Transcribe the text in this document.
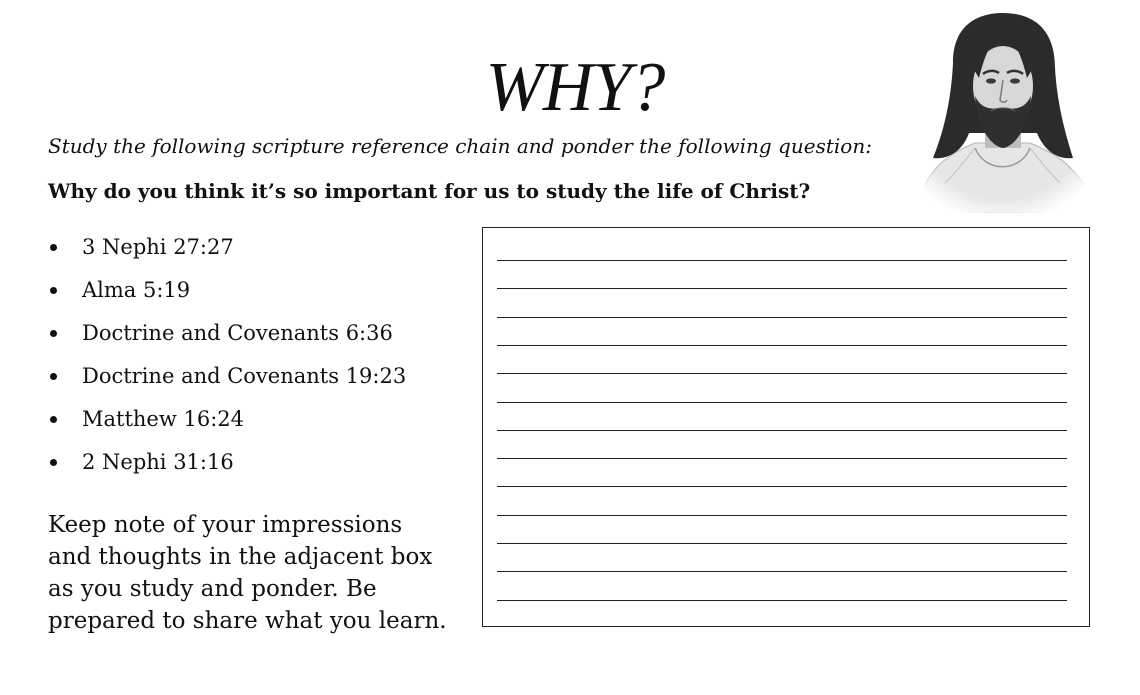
WHY?
Study the following scripture reference chain and ponder the following question:
Why do you think it’s so important for us to study the life of Christ?
3 Nephi 27:27
Alma 5:19
Doctrine and Covenants 6:36
Doctrine and Covenants 19:23
Matthew 16:24
2 Nephi 31:16
Keep note of your impressions
and thoughts in the adjacent box
as you study and ponder. Be
prepared to share what you learn.
